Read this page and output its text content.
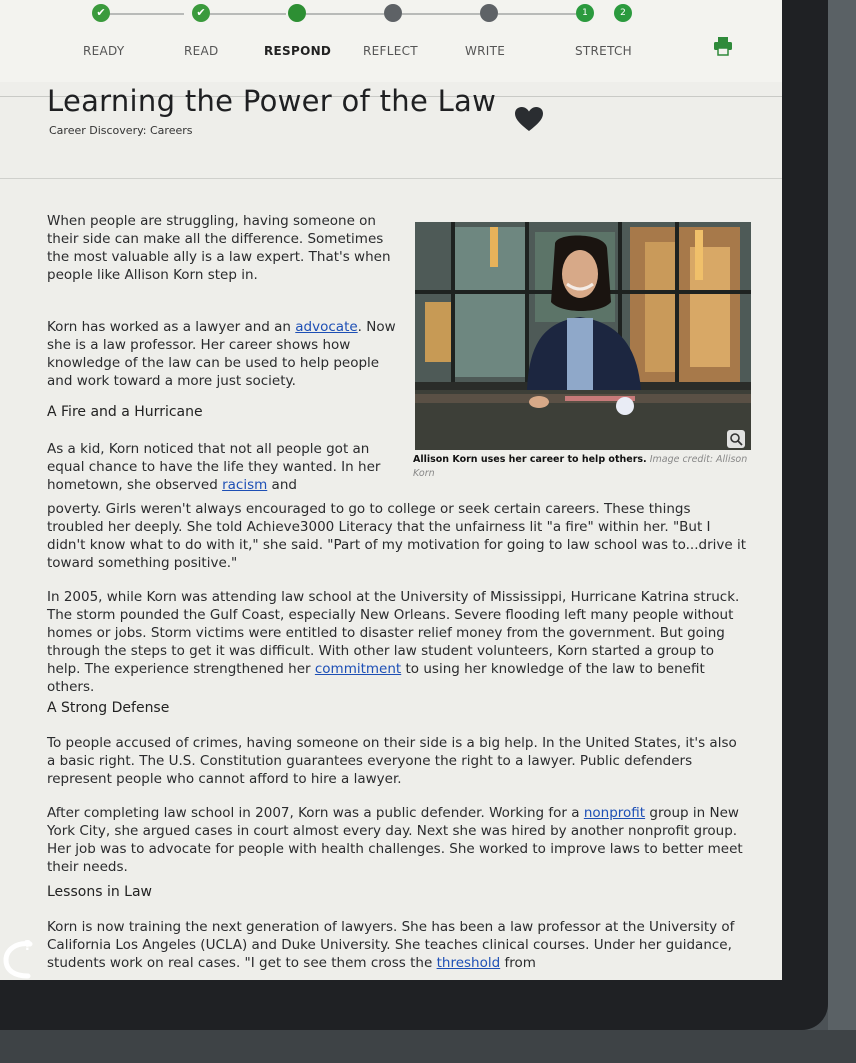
✔	✔	1	2
READY	READ	RESPOND	REFLECT	WRITE	STRETCH
Learning the Power of the Law
Career Discovery: Careers

When people are struggling, having someone on their side can make all the difference. Sometimes the most valuable ally is a law expert. That's when people like Allison Korn step in.

Korn has worked as a lawyer and an advocate. Now she is a law professor. Her career shows how knowledge of the law can be used to help people and work toward a more just society.

A Fire and a Hurricane

As a kid, Korn noticed that not all people got an equal chance to have the life they wanted. In her hometown, she observed racism and

poverty. Girls weren't always encouraged to go to college or seek certain careers. These things troubled her deeply. She told Achieve3000 Literacy that the unfairness lit "a fire" within her. "But I didn't know what to do with it," she said. "Part of my motivation for going to law school was to...drive it toward something positive."

In 2005, while Korn was attending law school at the University of Mississippi, Hurricane Katrina struck. The storm pounded the Gulf Coast, especially New Orleans. Severe flooding left many people without homes or jobs. Storm victims were entitled to disaster relief money from the government. But going through the steps to get it was difficult. With other law student volunteers, Korn started a group to help. The experience strengthened her commitment to using her knowledge of the law to benefit others.

A Strong Defense

To people accused of crimes, having someone on their side is a big help. In the United States, it's also a basic right. The U.S. Constitution guarantees everyone the right to a lawyer. Public defenders represent people who cannot afford to hire a lawyer.

After completing law school in 2007, Korn was a public defender. Working for a nonprofit group in New York City, she argued cases in court almost every day. Next she was hired by another nonprofit group. Her job was to advocate for people with health challenges. She worked to improve laws to better meet their needs.

Lessons in Law

Korn is now training the next generation of lawyers. She has been a law professor at the University of California Los Angeles (UCLA) and Duke University. She teaches clinical courses. Under her guidance, students work on real cases. "I get to see them cross the threshold from

Allison Korn uses her career to help others. Image credit: Allison Korn
?
